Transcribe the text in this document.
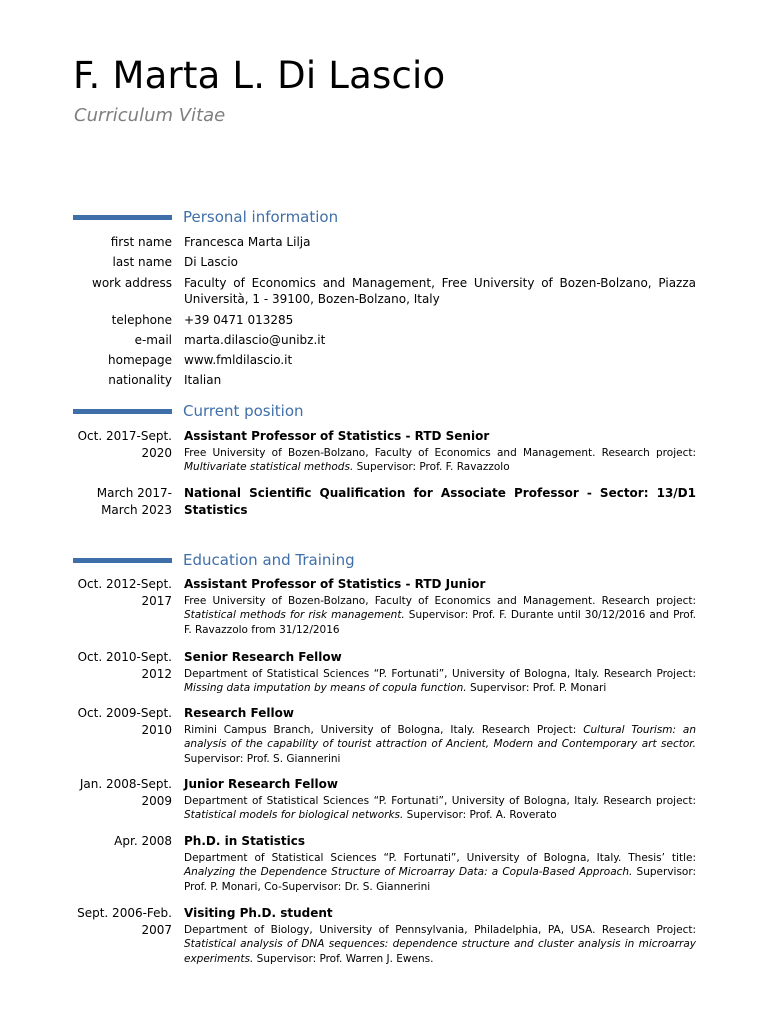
F. Marta L. Di Lascio
Curriculum Vitae
Personal information
first name Francesca Marta Lilja
last name Di Lascio
work address Faculty of Economics and Management, Free University of Bozen-Bolzano, Piazza Università, 1 - 39100, Bozen-Bolzano, Italy
telephone +39 0471 013285
e-mail marta.dilascio@unibz.it
homepage www.fmldilascio.it
nationality Italian
Current position
Oct. 2017-Sept. 2020
Assistant Professor of Statistics - RTD Senior
Free University of Bozen-Bolzano, Faculty of Economics and Management. Research project: Multivariate statistical methods. Supervisor: Prof. F. Ravazzolo
March 2017-March 2023
National Scientific Qualification for Associate Professor - Sector: 13/D1 Statistics
Education and Training
Oct. 2012-Sept. 2017
Assistant Professor of Statistics - RTD Junior
Free University of Bozen-Bolzano, Faculty of Economics and Management. Research project: Statistical methods for risk management. Supervisor: Prof. F. Durante until 30/12/2016 and Prof. F. Ravazzolo from 31/12/2016
Oct. 2010-Sept. 2012
Senior Research Fellow
Department of Statistical Sciences “P. Fortunati”, University of Bologna, Italy. Research Project: Missing data imputation by means of copula function. Supervisor: Prof. P. Monari
Oct. 2009-Sept. 2010
Research Fellow
Rimini Campus Branch, University of Bologna, Italy. Research Project: Cultural Tourism: an analysis of the capability of tourist attraction of Ancient, Modern and Contemporary art sector. Supervisor: Prof. S. Giannerini
Jan. 2008-Sept. 2009
Junior Research Fellow
Department of Statistical Sciences “P. Fortunati”, University of Bologna, Italy. Research project: Statistical models for biological networks. Supervisor: Prof. A. Roverato
Apr. 2008 Ph.D. in Statistics
Department of Statistical Sciences “P. Fortunati”, University of Bologna, Italy. Thesis’ title: Analyzing the Dependence Structure of Microarray Data: a Copula-Based Approach. Supervisor: Prof. P. Monari, Co-Supervisor: Dr. S. Giannerini
Sept. 2006-Feb. 2007
Visiting Ph.D. student
Department of Biology, University of Pennsylvania, Philadelphia, PA, USA. Research Project: Statistical analysis of DNA sequences: dependence structure and cluster analysis in microarray experiments. Supervisor: Prof. Warren J. Ewens.
